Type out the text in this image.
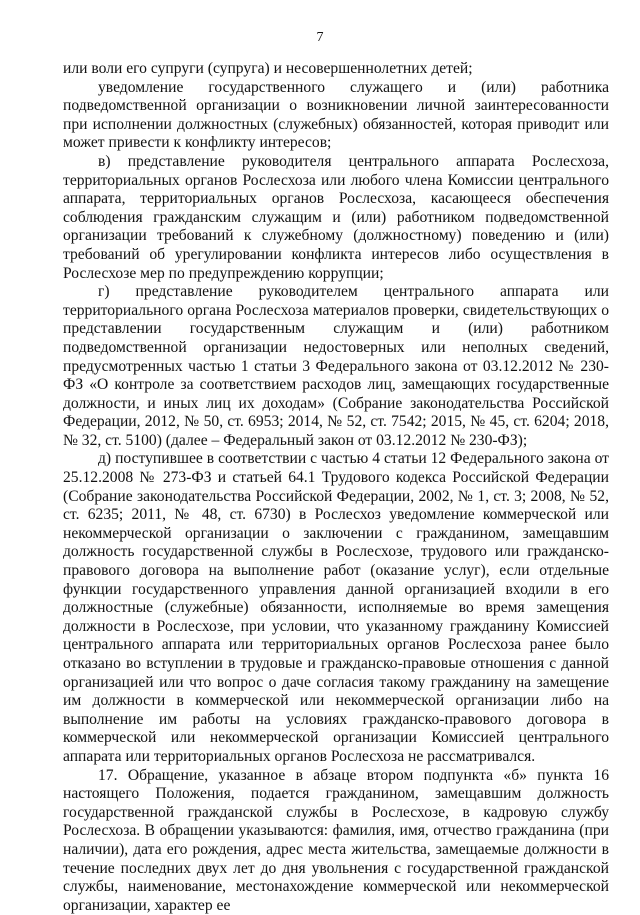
7

или воли его супруги (супруга) и несовершеннолетних детей;

уведомление государственного служащего и (или) работника подведомственной организации о возникновении личной заинтересованности при исполнении должностных (служебных) обязанностей, которая приводит или может привести к конфликту интересов;

в) представление руководителя центрального аппарата Рослесхоза, территориальных органов Рослесхоза или любого члена Комиссии центрального аппарата, территориальных органов Рослесхоза, касающееся обеспечения соблюдения гражданским служащим и (или) работником подведомственной организации требований к служебному (должностному) поведению и (или) требований об урегулировании конфликта интересов либо осуществления в Рослесхозе мер по предупреждению коррупции;

г) представление руководителем центрального аппарата или территориального органа Рослесхоза материалов проверки, свидетельствующих о представлении государственным служащим и (или) работником подведомственной организации недостоверных или неполных сведений, предусмотренных частью 1 статьи 3 Федерального закона от 03.12.2012 № 230-ФЗ «О контроле за соответствием расходов лиц, замещающих государственные должности, и иных лиц их доходам» (Собрание законодательства Российской Федерации, 2012, № 50, ст. 6953; 2014, № 52, ст. 7542; 2015, № 45, ст. 6204; 2018, № 32, ст. 5100) (далее – Федеральный закон от 03.12.2012 № 230-ФЗ);

д) поступившее в соответствии с частью 4 статьи 12 Федерального закона от 25.12.2008 № 273-ФЗ и статьей 64.1 Трудового кодекса Российской Федерации (Собрание законодательства Российской Федерации, 2002, № 1, ст. 3; 2008, № 52, ст. 6235; 2011, № 48, ст. 6730) в Рослесхоз уведомление коммерческой или некоммерческой организации о заключении с гражданином, замещавшим должность государственной службы в Рослесхозе, трудового или гражданско-правового договора на выполнение работ (оказание услуг), если отдельные функции государственного управления данной организацией входили в его должностные (служебные) обязанности, исполняемые во время замещения должности в Рослесхозе, при условии, что указанному гражданину Комиссией центрального аппарата или территориальных органов Рослесхоза ранее было отказано во вступлении в трудовые и гражданско-правовые отношения с данной организацией или что вопрос о даче согласия такому гражданину на замещение им должности в коммерческой или некоммерческой организации либо на выполнение им работы на условиях гражданско-правового договора в коммерческой или некоммерческой организации Комиссией центрального аппарата или территориальных органов Рослесхоза не рассматривался.

17. Обращение, указанное в абзаце втором подпункта «б» пункта 16 настоящего Положения, подается гражданином, замещавшим должность государственной гражданской службы в Рослесхозе, в кадровую службу Рослесхоза. В обращении указываются: фамилия, имя, отчество гражданина (при наличии), дата его рождения, адрес места жительства, замещаемые должности в течение последних двух лет до дня увольнения с государственной гражданской службы, наименование, местонахождение коммерческой или некоммерческой организации, характер ее
